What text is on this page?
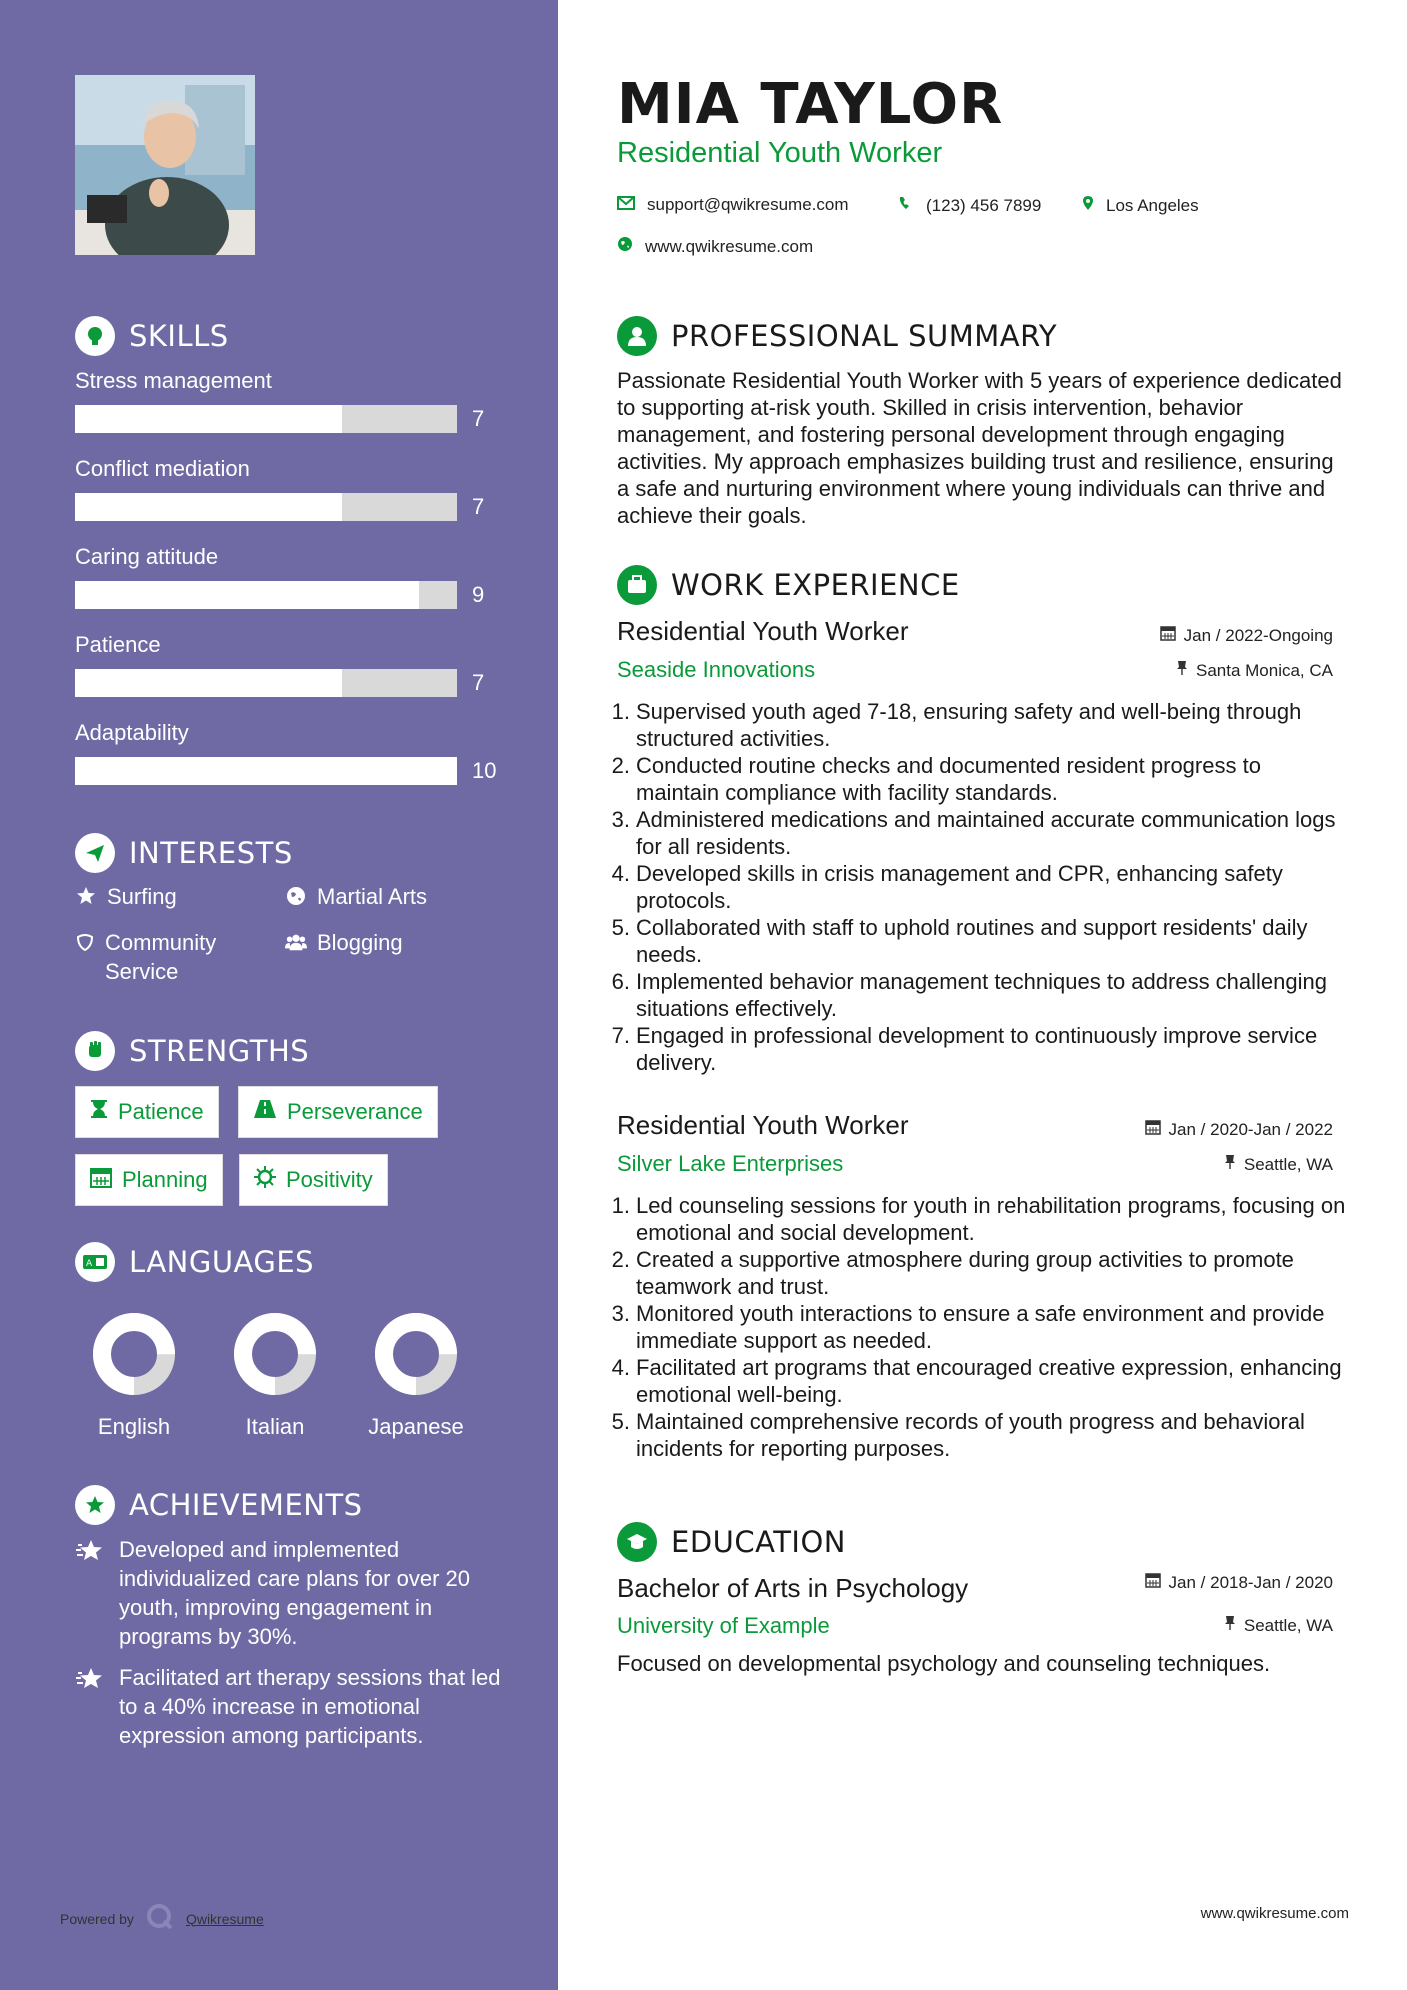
SKILLS
Stress management
7
Conflict mediation
7
Caring attitude
9
Patience
7
Adaptability
10
INTERESTS
Surfing	Martial Arts
Community Service
Blogging
STRENGTHS
Patience	Perseverance
Planning	Positivity
A LANGUAGES
English	Italian	Japanese
ACHIEVEMENTS
Developed and implemented individualized care plans for over 20 youth, improving engagement in programs by 30%.
Facilitated art therapy sessions that led to a 40% increase in emotional expression among participants.
Powered by	Qwikresume
MIA TAYLOR
Residential Youth Worker
support@qwikresume.com	(123) 456 7899	Los Angeles
www.qwikresume.com
PROFESSIONAL SUMMARY
Passionate Residential Youth Worker with 5 years of experience dedicated to supporting at-risk youth. Skilled in crisis intervention, behavior management, and fostering personal development through engaging activities. My approach emphasizes building trust and resilience, ensuring a safe and nurturing environment where young individuals can thrive and achieve their goals.
WORK EXPERIENCE
Residential Youth Worker	Jan / 2022-Ongoing
Seaside Innovations	Santa Monica, CA
1. Supervised youth aged 7-18, ensuring safety and well-being through structured activities.
2. Conducted routine checks and documented resident progress to maintain compliance with facility standards.
3. Administered medications and maintained accurate communication logs for all residents.
4. Developed skills in crisis management and CPR, enhancing safety protocols.
5. Collaborated with staff to uphold routines and support residents' daily needs.
6. Implemented behavior management techniques to address challenging situations effectively.
7. Engaged in professional development to continuously improve service delivery.
Residential Youth Worker	Jan / 2020-Jan / 2022
Silver Lake Enterprises	Seattle, WA
1. Led counseling sessions for youth in rehabilitation programs, focusing on emotional and social development.
2. Created a supportive atmosphere during group activities to promote teamwork and trust.
3. Monitored youth interactions to ensure a safe environment and provide immediate support as needed.
4. Facilitated art programs that encouraged creative expression, enhancing emotional well-being.
5. Maintained comprehensive records of youth progress and behavioral incidents for reporting purposes.
EDUCATION
Bachelor of Arts in Psychology	Jan / 2018-Jan / 2020
University of Example	Seattle, WA
Focused on developmental psychology and counseling techniques.
www.qwikresume.com
